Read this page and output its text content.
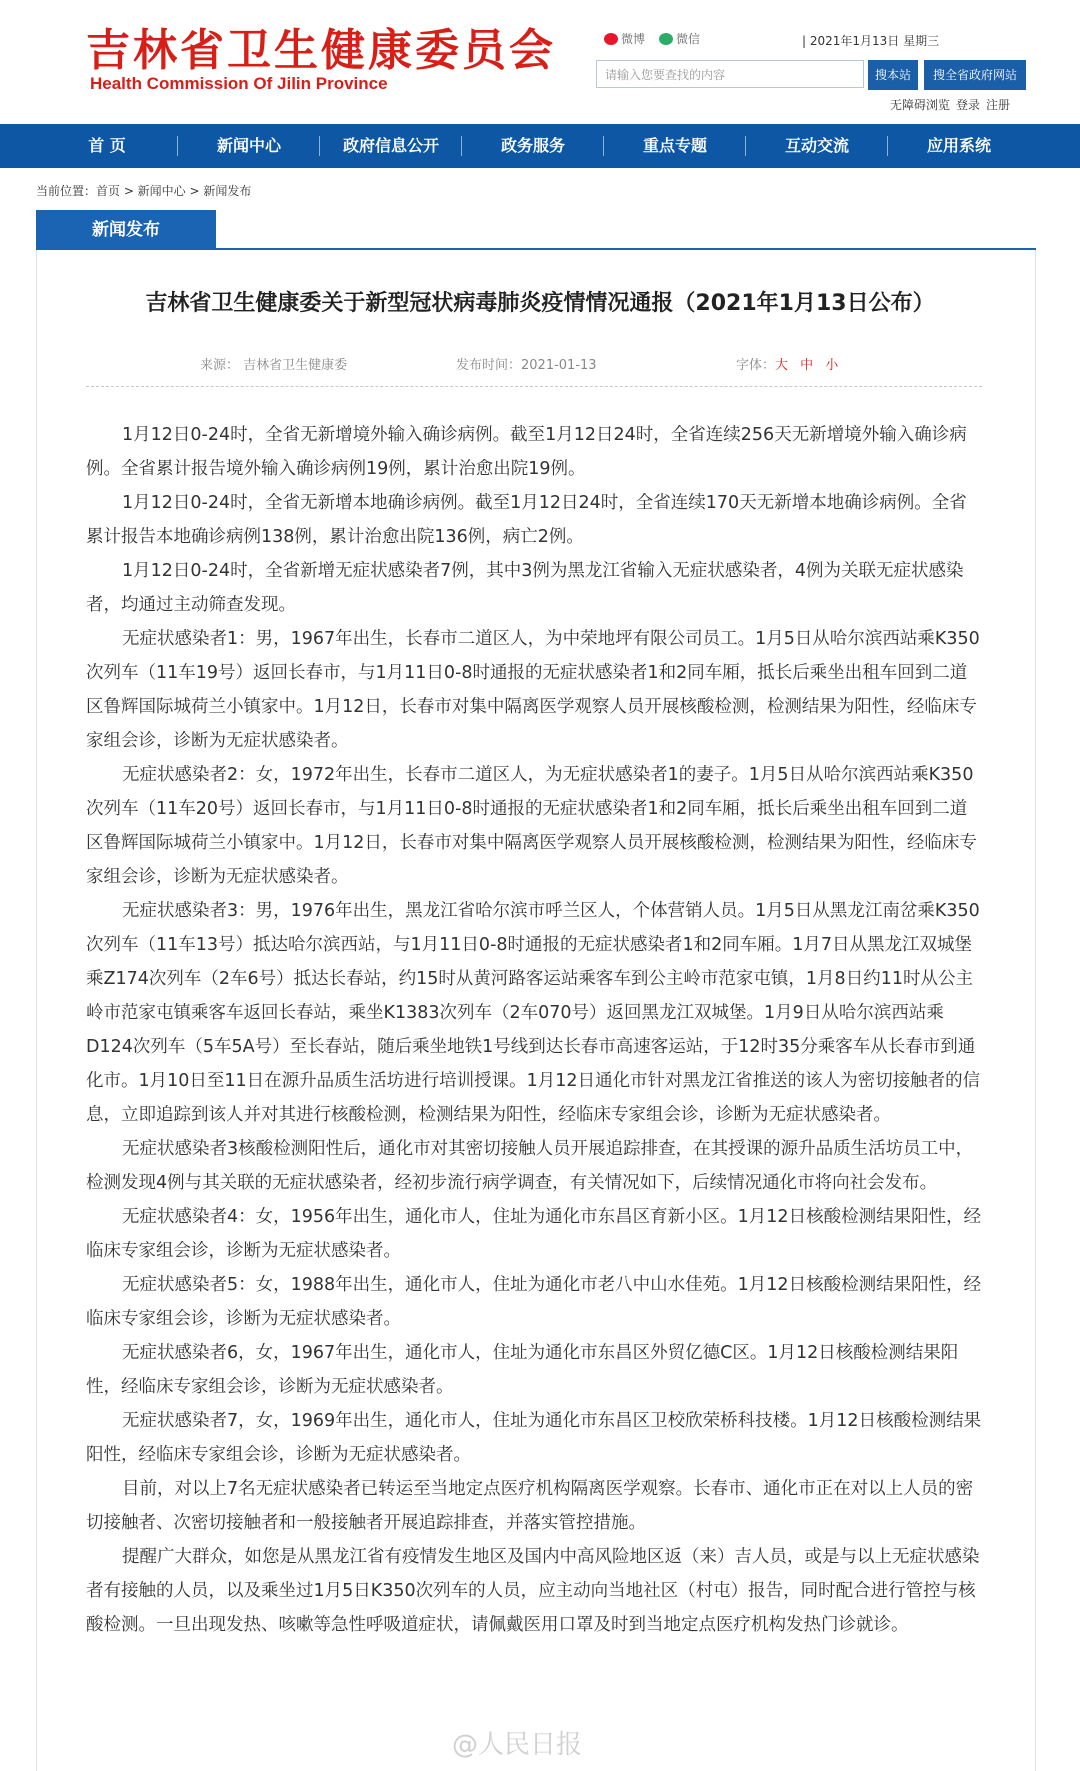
吉林省卫生健康委员会
Health Commission Of Jilin Province
微博	微信	| 2021年1月13日 星期三
请输入您要查找的内容	搜本站	搜全省政府网站
无障碍浏览 登录 注册
首 页	新闻中心	政府信息公开	政务服务	重点专题	互动交流	应用系统
当前位置：首页 > 新闻中心 > 新闻发布
新闻发布
吉林省卫生健康委关于新型冠状病毒肺炎疫情情况通报（2021年1月13日公布）
来源： 吉林省卫生健康委	发布时间：2021-01-13	字体：大 中 小

1月12日0-24时，全省无新增境外输入确诊病例。截至1月12日24时，全省连续256天无新增境外输入确诊病例。全省累计报告境外输入确诊病例19例，累计治愈出院19例。

1月12日0-24时，全省无新增本地确诊病例。截至1月12日24时，全省连续170天无新增本地确诊病例。全省累计报告本地确诊病例138例，累计治愈出院136例，病亡2例。

1月12日0-24时，全省新增无症状感染者7例，其中3例为黑龙江省输入无症状感染者，4例为关联无症状感染者，均通过主动筛查发现。

无症状感染者1：男，1967年出生，长春市二道区人，为中荣地坪有限公司员工。1月5日从哈尔滨西站乘K350次列车（11车19号）返回长春市，与1月11日0-8时通报的无症状感染者1和2同车厢，抵长后乘坐出租车回到二道区鲁辉国际城荷兰小镇家中。1月12日，长春市对集中隔离医学观察人员开展核酸检测，检测结果为阳性，经临床专家组会诊，诊断为无症状感染者。

无症状感染者2：女，1972年出生，长春市二道区人，为无症状感染者1的妻子。1月5日从哈尔滨西站乘K350次列车（11车20号）返回长春市，与1月11日0-8时通报的无症状感染者1和2同车厢，抵长后乘坐出租车回到二道区鲁辉国际城荷兰小镇家中。1月12日，长春市对集中隔离医学观察人员开展核酸检测，检测结果为阳性，经临床专家组会诊，诊断为无症状感染者。

无症状感染者3：男，1976年出生，黑龙江省哈尔滨市呼兰区人，个体营销人员。1月5日从黑龙江南岔乘K350次列车（11车13号）抵达哈尔滨西站，与1月11日0-8时通报的无症状感染者1和2同车厢。1月7日从黑龙江双城堡乘Z174次列车（2车6号）抵达长春站，约15时从黄河路客运站乘客车到公主岭市范家屯镇，1月8日约11时从公主岭市范家屯镇乘客车返回长春站，乘坐K1383次列车（2车070号）返回黑龙江双城堡。1月9日从哈尔滨西站乘D124次列车（5车5A号）至长春站，随后乘坐地铁1号线到达长春市高速客运站，于12时35分乘客车从长春市到通化市。1月10日至11日在源升品质生活坊进行培训授课。1月12日通化市针对黑龙江省推送的该人为密切接触者的信息，立即追踪到该人并对其进行核酸检测，检测结果为阳性，经临床专家组会诊，诊断为无症状感染者。

无症状感染者3核酸检测阳性后，通化市对其密切接触人员开展追踪排查，在其授课的源升品质生活坊员工中，检测发现4例与其关联的无症状感染者，经初步流行病学调查，有关情况如下，后续情况通化市将向社会发布。

无症状感染者4：女，1956年出生，通化市人，住址为通化市东昌区育新小区。1月12日核酸检测结果阳性，经临床专家组会诊，诊断为无症状感染者。

无症状感染者5：女，1988年出生，通化市人，住址为通化市老八中山水佳苑。1月12日核酸检测结果阳性，经临床专家组会诊，诊断为无症状感染者。

无症状感染者6，女，1967年出生，通化市人，住址为通化市东昌区外贸亿德C区。1月12日核酸检测结果阳性，经临床专家组会诊，诊断为无症状感染者。

无症状感染者7，女，1969年出生，通化市人，住址为通化市东昌区卫校欣荣桥科技楼。1月12日核酸检测结果阳性，经临床专家组会诊，诊断为无症状感染者。

目前，对以上7名无症状感染者已转运至当地定点医疗机构隔离医学观察。长春市、通化市正在对以上人员的密切接触者、次密切接触者和一般接触者开展追踪排查，并落实管控措施。

提醒广大群众，如您是从黑龙江省有疫情发生地区及国内中高风险地区返（来）吉人员，或是与以上无症状感染者有接触的人员，以及乘坐过1月5日K350次列车的人员，应主动向当地社区（村屯）报告，同时配合进行管控与核酸检测。一旦出现发热、咳嗽等急性呼吸道症状，请佩戴医用口罩及时到当地定点医疗机构发热门诊就诊。

@人民日报
